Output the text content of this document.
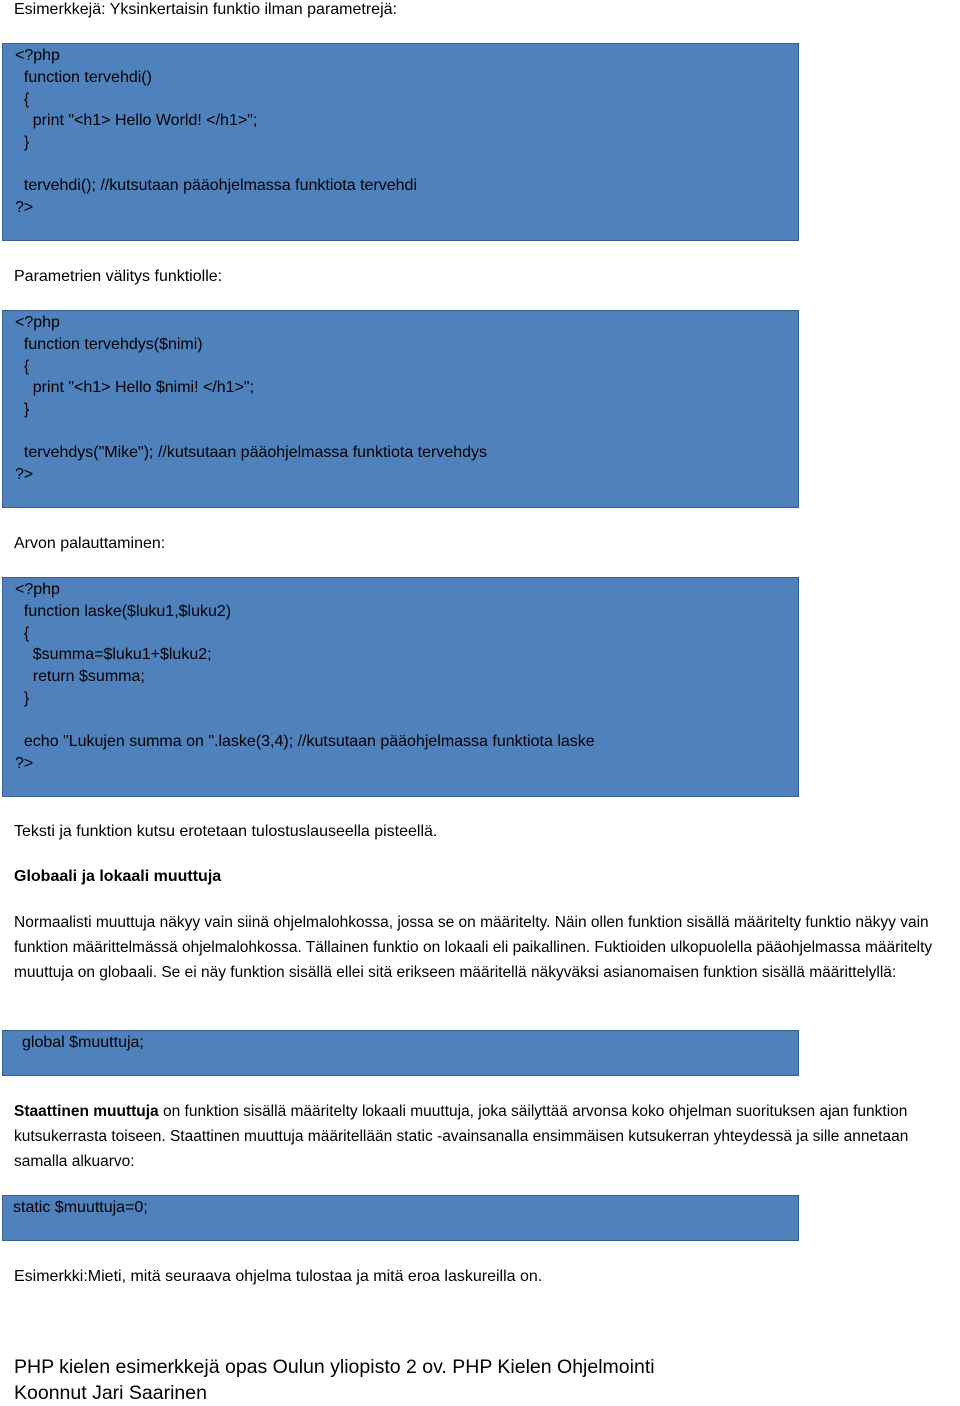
Esimerkkejä: Yksinkertaisin funktio ilman parametrejä:
<?php
function tervehdi()
{
print "<h1> Hello World! </h1>";
}
tervehdi(); //kutsutaan pääohjelmassa funktiota tervehdi
?>
Parametrien välitys funktiolle:
<?php
function tervehdys($nimi)
{
print "<h1> Hello $nimi! </h1>";
}
tervehdys("Mike"); //kutsutaan pääohjelmassa funktiota tervehdys
?>
Arvon palauttaminen:
<?php
function laske($luku1,$luku2)
{
$summa=$luku1+$luku2;
return $summa;
}
echo "Lukujen summa on ".laske(3,4); //kutsutaan pääohjelmassa funktiota laske
?>
Teksti ja funktion kutsu erotetaan tulostuslauseella pisteellä.
Globaali ja lokaali muuttuja
Normaalisti muuttuja näkyy vain siinä ohjelmalohkossa, jossa se on määritelty. Näin ollen funktion sisällä määritelty funktio näkyy vain funktion määrittelmässä ohjelmalohkossa. Tällainen funktio on lokaali eli paikallinen. Fuktioiden ulkopuolella pääohjelmassa määritelty muuttuja on globaali. Se ei näy funktion sisällä ellei sitä erikseen määritellä näkyväksi asianomaisen funktion sisällä määrittelyllä:
global $muuttuja;
Staattinen muuttuja on funktion sisällä määritelty lokaali muuttuja, joka säilyttää arvonsa koko ohjelman suorituksen ajan funktion kutsukerrasta toiseen. Staattinen muuttuja määritellään static -avainsanalla ensimmäisen kutsukerran yhteydessä ja sille annetaan samalla alkuarvo:
static $muuttuja=0;
Esimerkki:Mieti, mitä seuraava ohjelma tulostaa ja mitä eroa laskureilla on.
PHP kielen esimerkkejä opas Oulun yliopisto 2 ov. PHP Kielen Ohjelmointi
Koonnut Jari Saarinen
